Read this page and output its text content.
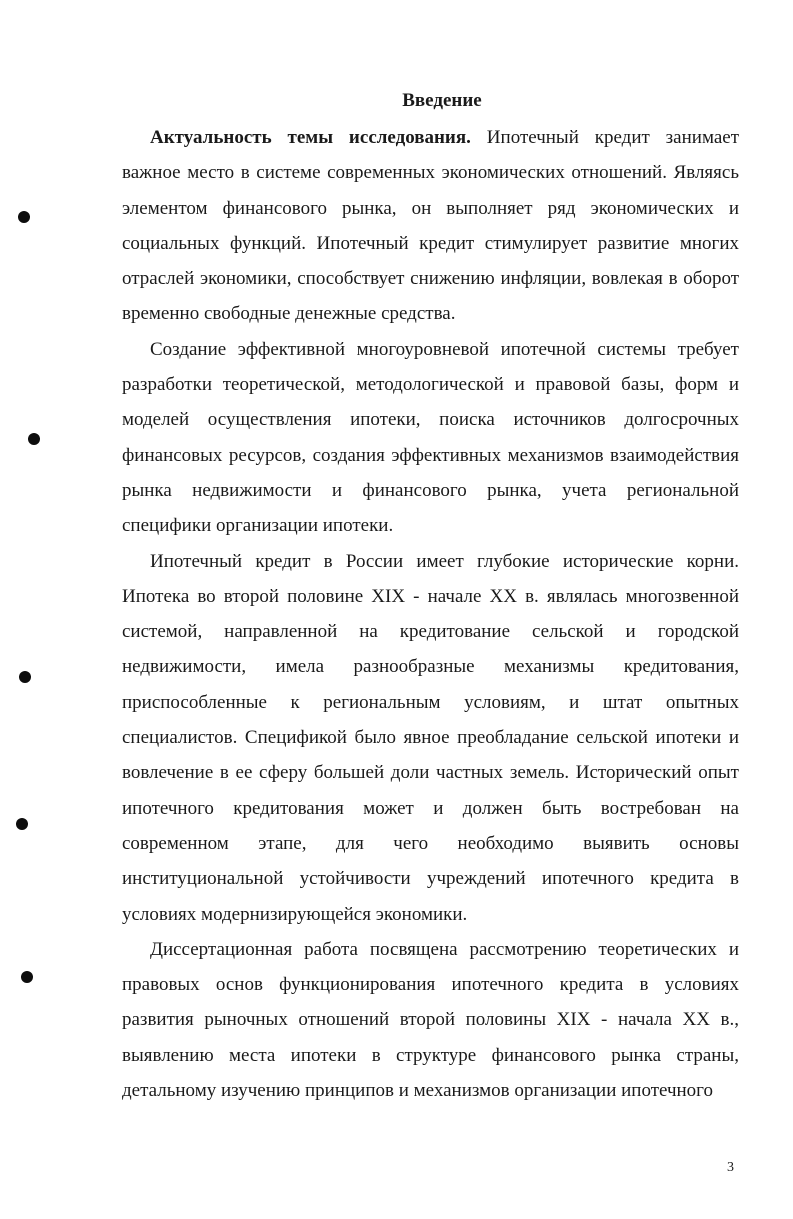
Введение

Актуальность темы исследования. Ипотечный кредит занимает важное место в системе современных экономических отношений. Являясь элементом финансового рынка, он выполняет ряд экономических и социальных функций. Ипотечный кредит стимулирует развитие многих отраслей экономики, способствует снижению инфляции, вовлекая в оборот временно свободные денежные средства.

Создание эффективной многоуровневой ипотечной системы требует разработки теоретической, методологической и правовой базы, форм и моделей осуществления ипотеки, поиска источников долгосрочных финансовых ресурсов, создания эффективных механизмов взаимодействия рынка недвижимости и финансового рынка, учета региональной специфики организации ипотеки.

Ипотечный кредит в России имеет глубокие исторические корни. Ипотека во второй половине XIX - начале XX в. являлась многозвенной системой, направленной на кредитование сельской и городской недвижимости, имела разнообразные механизмы кредитования, приспособленные к региональным условиям, и штат опытных специалистов. Спецификой было явное преобладание сельской ипотеки и вовлечение в ее сферу большей доли частных земель. Исторический опыт ипотечного кредитования может и должен быть востребован на современном этапе, для чего необходимо выявить основы институциональной устойчивости учреждений ипотечного кредита в условиях модернизирующейся экономики.

Диссертационная работа посвящена рассмотрению теоретических и правовых основ функционирования ипотечного кредита в условиях развития рыночных отношений второй половины XIX - начала XX в., выявлению места ипотеки в структуре финансового рынка страны, детальному изучению принципов и механизмов организации ипотечного

3
